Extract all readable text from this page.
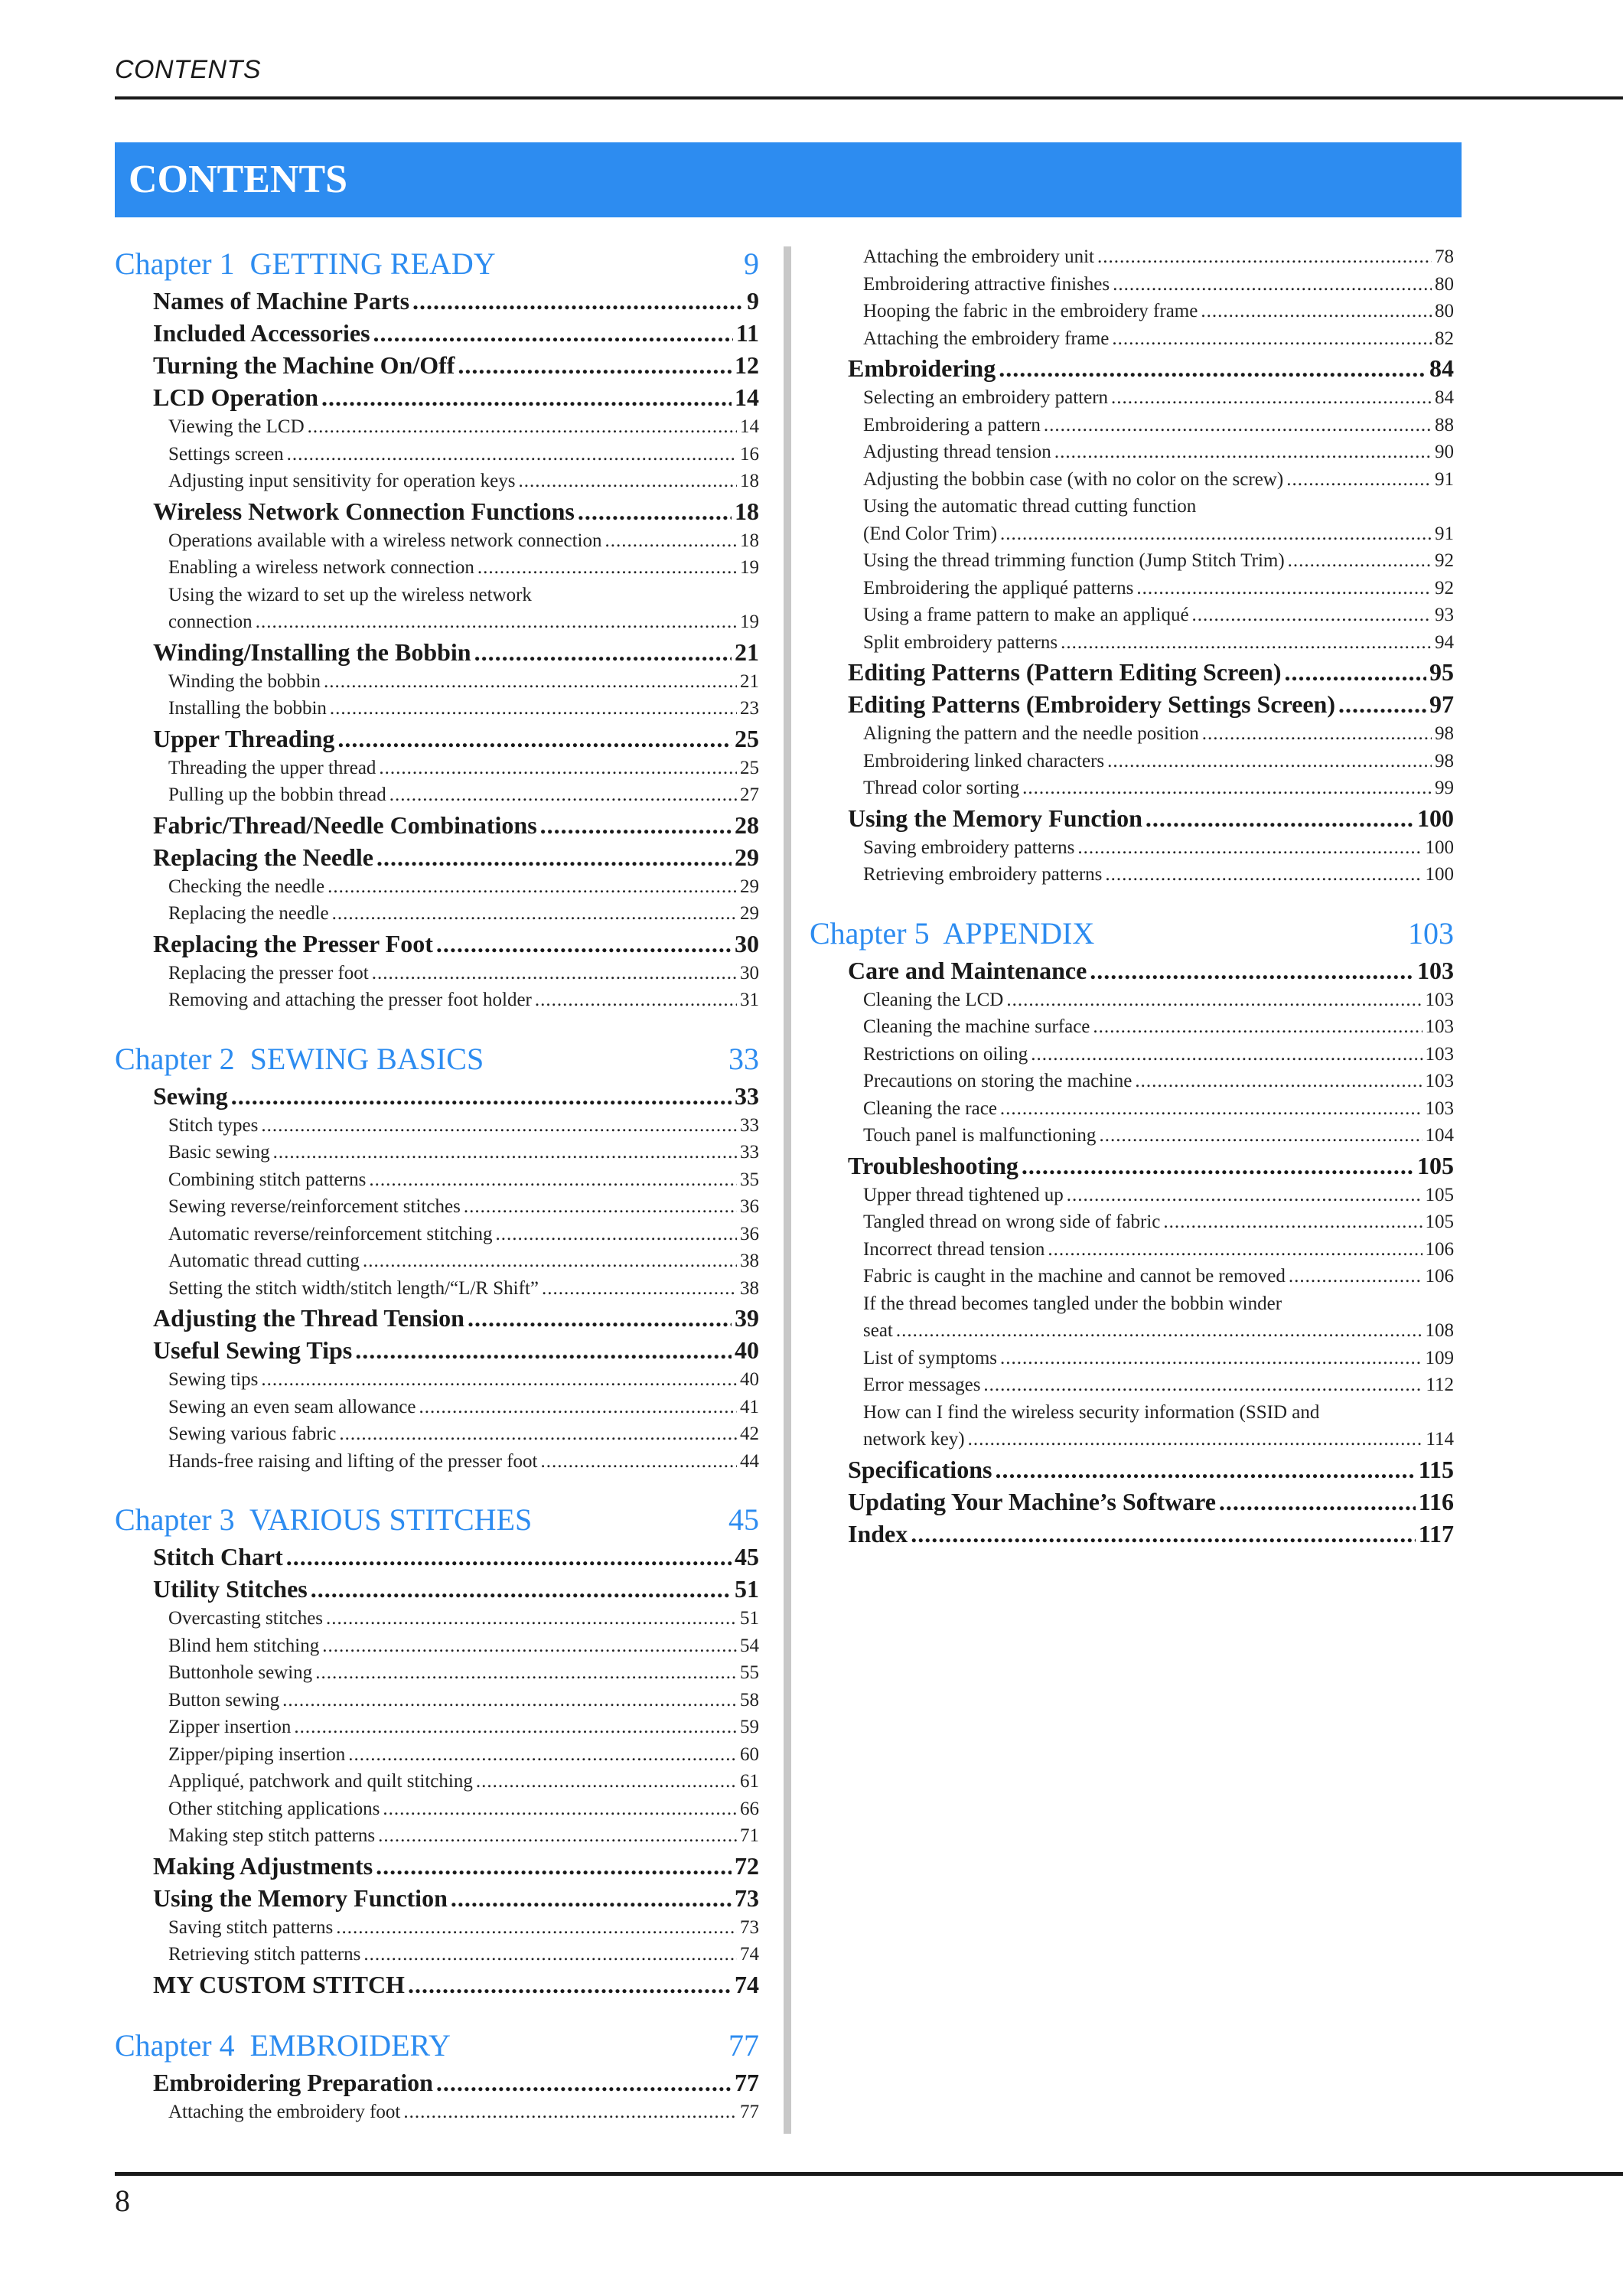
CONTENTS
CONTENTS
Chapter 1 GETTING READY	9
Names of Machine Parts .....	9
Included Accessories .....	11
Turning the Machine On/Off .....	12
LCD Operation .....	14
Viewing the LCD .....	14
Settings screen .....	16
Adjusting input sensitivity for operation keys .....	18
Wireless Network Connection Functions .....	18
Operations available with a wireless network connection .....	18
Enabling a wireless network connection .....	19
Using the wizard to set up the wireless network
connection .....	19
Winding/Installing the Bobbin .....	21
Winding the bobbin .....	21
Installing the bobbin .....	23
Upper Threading .....	25
Threading the upper thread .....	25
Pulling up the bobbin thread .....	27
Fabric/Thread/Needle Combinations .....	28
Replacing the Needle .....	29
Checking the needle .....	29
Replacing the needle .....	29
Replacing the Presser Foot .....	30
Replacing the presser foot .....	30
Removing and attaching the presser foot holder .....	31
Chapter 2 SEWING BASICS	33
Sewing .....	33
Stitch types .....	33
Basic sewing .....	33
Combining stitch patterns .....	35
Sewing reverse/reinforcement stitches .....	36
Automatic reverse/reinforcement stitching .....	36
Automatic thread cutting .....	38
Setting the stitch width/stitch length/“L/R Shift” .....	38
Adjusting the Thread Tension .....	39
Useful Sewing Tips .....	40
Sewing tips .....	40
Sewing an even seam allowance .....	41
Sewing various fabric .....	42
Hands-free raising and lifting of the presser foot .....	44
Chapter 3 VARIOUS STITCHES	45
Stitch Chart .....	45
Utility Stitches .....	51
Overcasting stitches .....	51
Blind hem stitching .....	54
Buttonhole sewing .....	55
Button sewing .....	58
Zipper insertion .....	59
Zipper/piping insertion .....	60
Appliqué, patchwork and quilt stitching .....	61
Other stitching applications .....	66
Making step stitch patterns .....	71
Making Adjustments .....	72
Using the Memory Function .....	73
Saving stitch patterns .....	73
Retrieving stitch patterns .....	74
MY CUSTOM STITCH .....	74
Chapter 4 EMBROIDERY	77
Embroidering Preparation .....	77
Attaching the embroidery foot .....	77
Attaching the embroidery unit .....	78
Embroidering attractive finishes .....	80
Hooping the fabric in the embroidery frame .....	80
Attaching the embroidery frame .....	82
Embroidering .....	84
Selecting an embroidery pattern .....	84
Embroidering a pattern .....	88
Adjusting thread tension .....	90
Adjusting the bobbin case (with no color on the screw) .....	91
Using the automatic thread cutting function
(End Color Trim) .....	91
Using the thread trimming function (Jump Stitch Trim) .....	92
Embroidering the appliqué patterns .....	92
Using a frame pattern to make an appliqué .....	93
Split embroidery patterns .....	94
Editing Patterns (Pattern Editing Screen) .....	95
Editing Patterns (Embroidery Settings Screen) .....	97
Aligning the pattern and the needle position .....	98
Embroidering linked characters .....	98
Thread color sorting .....	99
Using the Memory Function .....	100
Saving embroidery patterns .....	100
Retrieving embroidery patterns .....	100
Chapter 5 APPENDIX	103
Care and Maintenance .....	103
Cleaning the LCD .....	103
Cleaning the machine surface .....	103
Restrictions on oiling .....	103
Precautions on storing the machine .....	103
Cleaning the race .....	103
Touch panel is malfunctioning .....	104
Troubleshooting .....	105
Upper thread tightened up .....	105
Tangled thread on wrong side of fabric .....	105
Incorrect thread tension .....	106
Fabric is caught in the machine and cannot be removed .....	106
If the thread becomes tangled under the bobbin winder
seat .....	108
List of symptoms .....	109
Error messages .....	112
How can I find the wireless security information (SSID and
network key) .....	114
Specifications .....	115
Updating Your Machine’s Software .....	116
Index .....	117
8
